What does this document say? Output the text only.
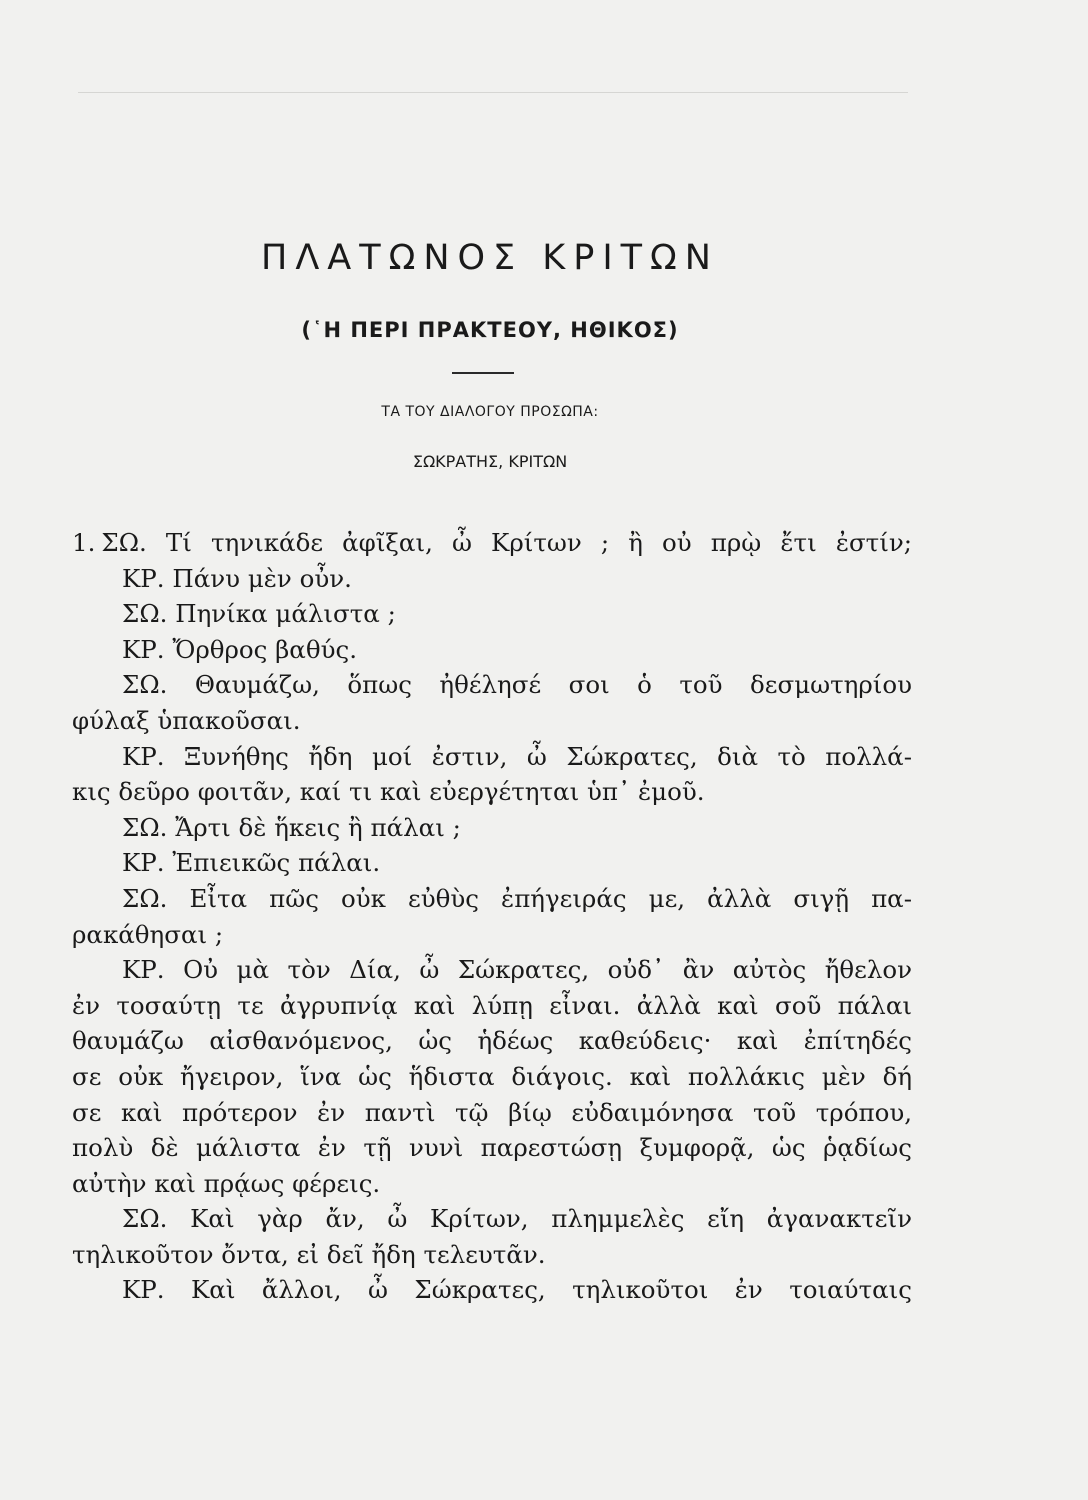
ΠΛΑΤΩΝΟΣ ΚΡΙΤΩΝ
(῾Η ΠΕΡΙ ΠΡΑΚΤΕΟΥ, ΗΘΙΚΟΣ)
ΤΑ ΤΟΥ ΔΙΑΛΟΓΟΥ ΠΡΟΣΩΠΑ:
ΣΩΚΡΑΤΗΣ, ΚΡΙΤΩΝ
1. ΣΩ. Τί τηνικάδε ἀφῖξαι, ὦ Κρίτων ; ἢ οὐ πρῲ ἔτι ἐστίν;
ΚΡ. Πάνυ μὲν οὖν.
ΣΩ. Πηνίκα μάλιστα ;
ΚΡ. Ὄρθρος βαθύς.
ΣΩ. Θαυμάζω, ὅπως ἠθέλησέ σοι ὁ τοῦ δεσμωτηρίου
φύλαξ ὑπακοῦσαι.
ΚΡ. Ξυνήθης ἤδη μοί ἐστιν, ὦ Σώκρατες, διὰ τὸ πολλά-
κις δεῦρο φοιτᾶν, καί τι καὶ εὐεργέτηται ὑπ᾽ ἐμοῦ.
ΣΩ. Ἄρτι δὲ ἥκεις ἢ πάλαι ;
ΚΡ. Ἐπιεικῶς πάλαι.
ΣΩ. Εἶτα πῶς οὐκ εὐθὺς ἐπήγειράς με, ἀλλὰ σιγῇ πα-
ρακάθησαι ;
ΚΡ. Οὐ μὰ τὸν Δία, ὦ Σώκρατες, οὐδ᾽ ἂν αὐτὸς ἤθελον
ἐν τοσαύτῃ τε ἀγρυπνίᾳ καὶ λύπῃ εἶναι. ἀλλὰ καὶ σοῦ πάλαι
θαυμάζω αἰσθανόμενος, ὡς ἡδέως καθεύδεις· καὶ ἐπίτηδές
σε οὐκ ἤγειρον, ἵνα ὡς ἥδιστα διάγοις. καὶ πολλάκις μὲν δή
σε καὶ πρότερον ἐν παντὶ τῷ βίῳ εὐδαιμόνησα τοῦ τρόπου,
πολὺ δὲ μάλιστα ἐν τῇ νυνὶ παρεστώσῃ ξυμφορᾷ, ὡς ῥᾳδίως
αὐτὴν καὶ πρᾴως φέρεις.
ΣΩ. Καὶ γὰρ ἄν, ὦ Κρίτων, πλημμελὲς εἴη ἀγανακτεῖν
τηλικοῦτον ὄντα, εἰ δεῖ ἤδη τελευτᾶν.
ΚΡ. Καὶ ἄλλοι, ὦ Σώκρατες, τηλικοῦτοι ἐν τοιαύταις
